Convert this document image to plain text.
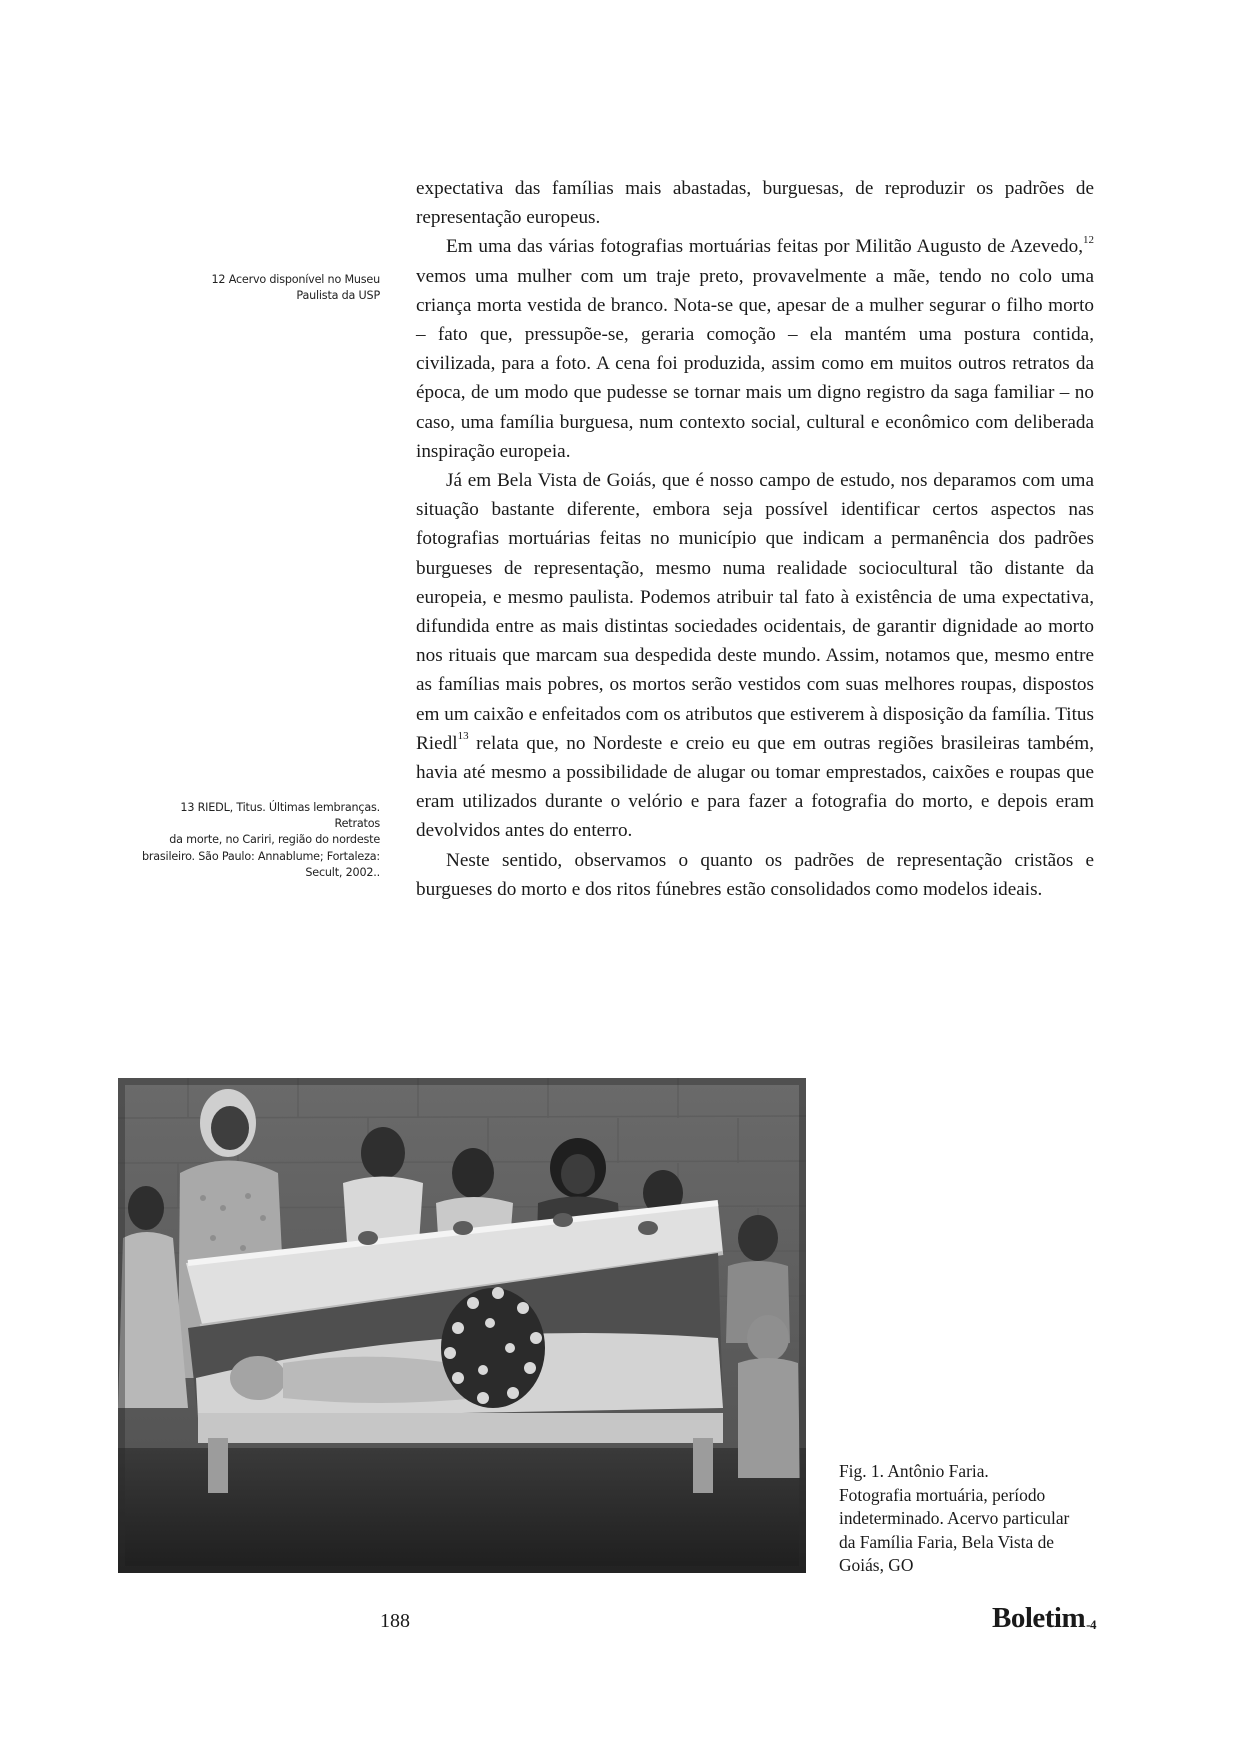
expectativa das famílias mais abastadas, burguesas, de reproduzir os padrões de representação europeus.

Em uma das várias fotografias mortuárias feitas por Militão Augusto de Azevedo,$^{12}$ vemos uma mulher com um traje preto, provavelmente a mãe, tendo no colo uma criança morta vestida de branco. Nota-se que, apesar de a mulher segurar o filho morto – fato que, pressupõe-se, geraria comoção – ela mantém uma postura contida, civilizada, para a foto. A cena foi produzida, assim como em muitos outros retratos da época, de um modo que pudesse se tornar mais um digno registro da saga familiar – no caso, uma família burguesa, num contexto social, cultural e econômico com deliberada inspiração europeia.

Já em Bela Vista de Goiás, que é nosso campo de estudo, nos deparamos com uma situação bastante diferente, embora seja possível identificar certos aspectos nas fotografias mortuárias feitas no município que indicam a permanência dos padrões burgueses de representação, mesmo numa realidade sociocultural tão distante da europeia, e mesmo paulista. Podemos atribuir tal fato à existência de uma expectativa, difundida entre as mais distintas sociedades ocidentais, de garantir dignidade ao morto nos rituais que marcam sua despedida deste mundo. Assim, notamos que, mesmo entre as famílias mais pobres, os mortos serão vestidos com suas melhores roupas, dispostos em um caixão e enfeitados com os atributos que estiverem à disposição da família. Titus Riedl$^{13}$ relata que, no Nordeste e creio eu que em outras regiões brasileiras também, havia até mesmo a possibilidade de alugar ou tomar emprestados, caixões e roupas que eram utilizados durante o velório e para fazer a fotografia do morto, e depois eram devolvidos antes do enterro.

Neste sentido, observamos o quanto os padrões de representação cristãos e burgueses do morto e dos ritos fúnebres estão consolidados como modelos ideais.

12 Acervo disponível no Museu
Paulista da USP
13 RIEDL, Titus. Últimas lembranças. Retratos
da morte, no Cariri, região do nordeste
brasileiro. São Paulo: Annablume; Fortaleza:
Secult, 2002..
Fig. 1. Antônio Faria.
Fotografia mortuária, período
indeterminado. Acervo particular
da Família Faria, Bela Vista de
Goiás, GO
188	Boletim-4
